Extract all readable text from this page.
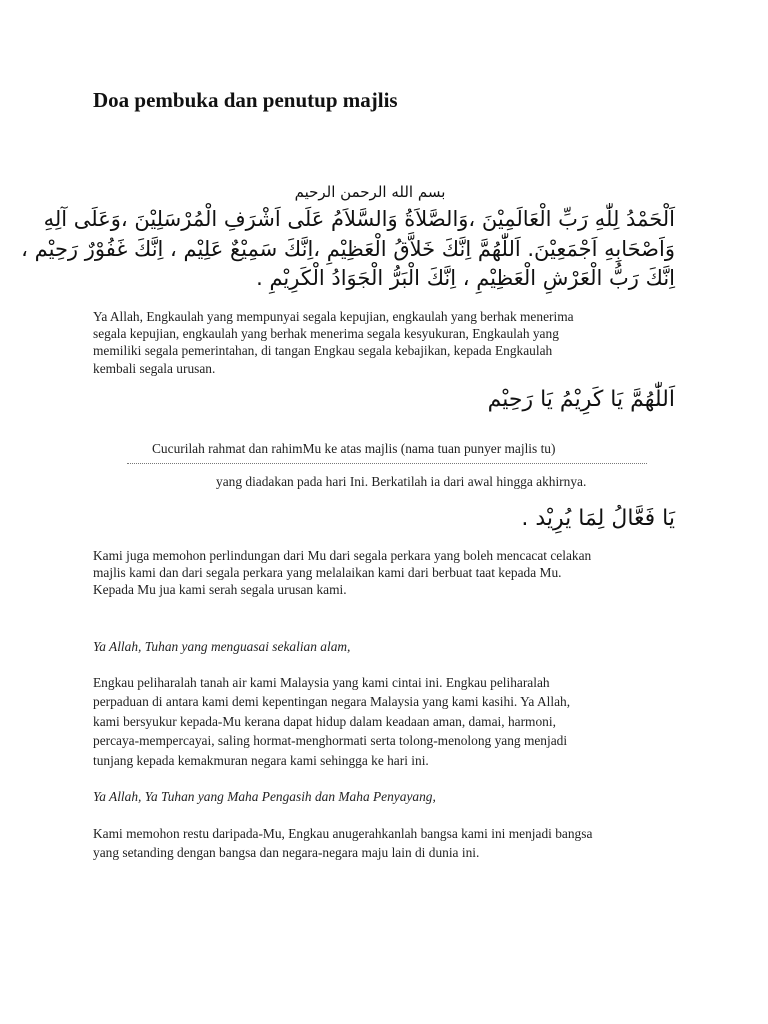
Doa pembuka dan penutup majlis
بسم الله الرحمن الرحيم
اَلْحَمْدُ لِلّٰهِ رَبِّ الْعَالَمِيْنَ ،وَالصَّلاَةُ وَالسَّلاَمُ عَلَى اَشْرَفِ الْمُرْسَلِيْنَ ،وَعَلَى آلِهِ
وَاَصْحَابِهِ اَجْمَعِيْنَ. اَللّٰهُمَّ اِنَّكَ خَلاَّقُ الْعَظِيْمِ ،اِنَّكَ سَمِيْعٌ عَلِيْم ، اِنَّكَ غَفُوْرٌ رَحِيْم ،
اِنَّكَ رَبُّ الْعَرْشِ الْعَظِيْمِ ، اِنَّكَ الْبَرُّ الْجَوَادُ الْكَرِيْمِ .
Ya Allah, Engkaulah yang mempunyai segala kepujian, engkaulah yang berhak menerima
segala kepujian, engkaulah yang berhak menerima segala kesyukuran, Engkaulah yang
memiliki segala pemerintahan, di tangan Engkau segala kebajikan, kepada Engkaulah
kembali segala urusan.
اَللّٰهُمَّ يَا كَرِيْمُ يَا رَحِيْم
Cucurilah rahmat dan rahimMu ke atas majlis (nama tuan punyer majlis tu)
yang diadakan pada hari Ini. Berkatilah ia dari awal hingga akhirnya.
يَا فَعَّالُ لِمَا يُرِيْد .
Kami juga memohon perlindungan dari Mu dari segala perkara yang boleh mencacat celakan
majlis kami dan dari segala perkara yang melalaikan kami dari berbuat taat kepada Mu.
Kepada Mu jua kami serah segala urusan kami.
Ya Allah, Tuhan yang menguasai sekalian alam,
Engkau peliharalah tanah air kami Malaysia yang kami cintai ini. Engkau peliharalah
perpaduan di antara kami demi kepentingan negara Malaysia yang kami kasihi. Ya Allah,
kami bersyukur kepada-Mu kerana dapat hidup dalam keadaan aman, damai, harmoni,
percaya-mempercayai, saling hormat-menghormati serta tolong-menolong yang menjadi
tunjang kepada kemakmuran negara kami sehingga ke hari ini.
Ya Allah, Ya Tuhan yang Maha Pengasih dan Maha Penyayang,
Kami memohon restu daripada-Mu, Engkau anugerahkanlah bangsa kami ini menjadi bangsa
yang setanding dengan bangsa dan negara-negara maju lain di dunia ini.
